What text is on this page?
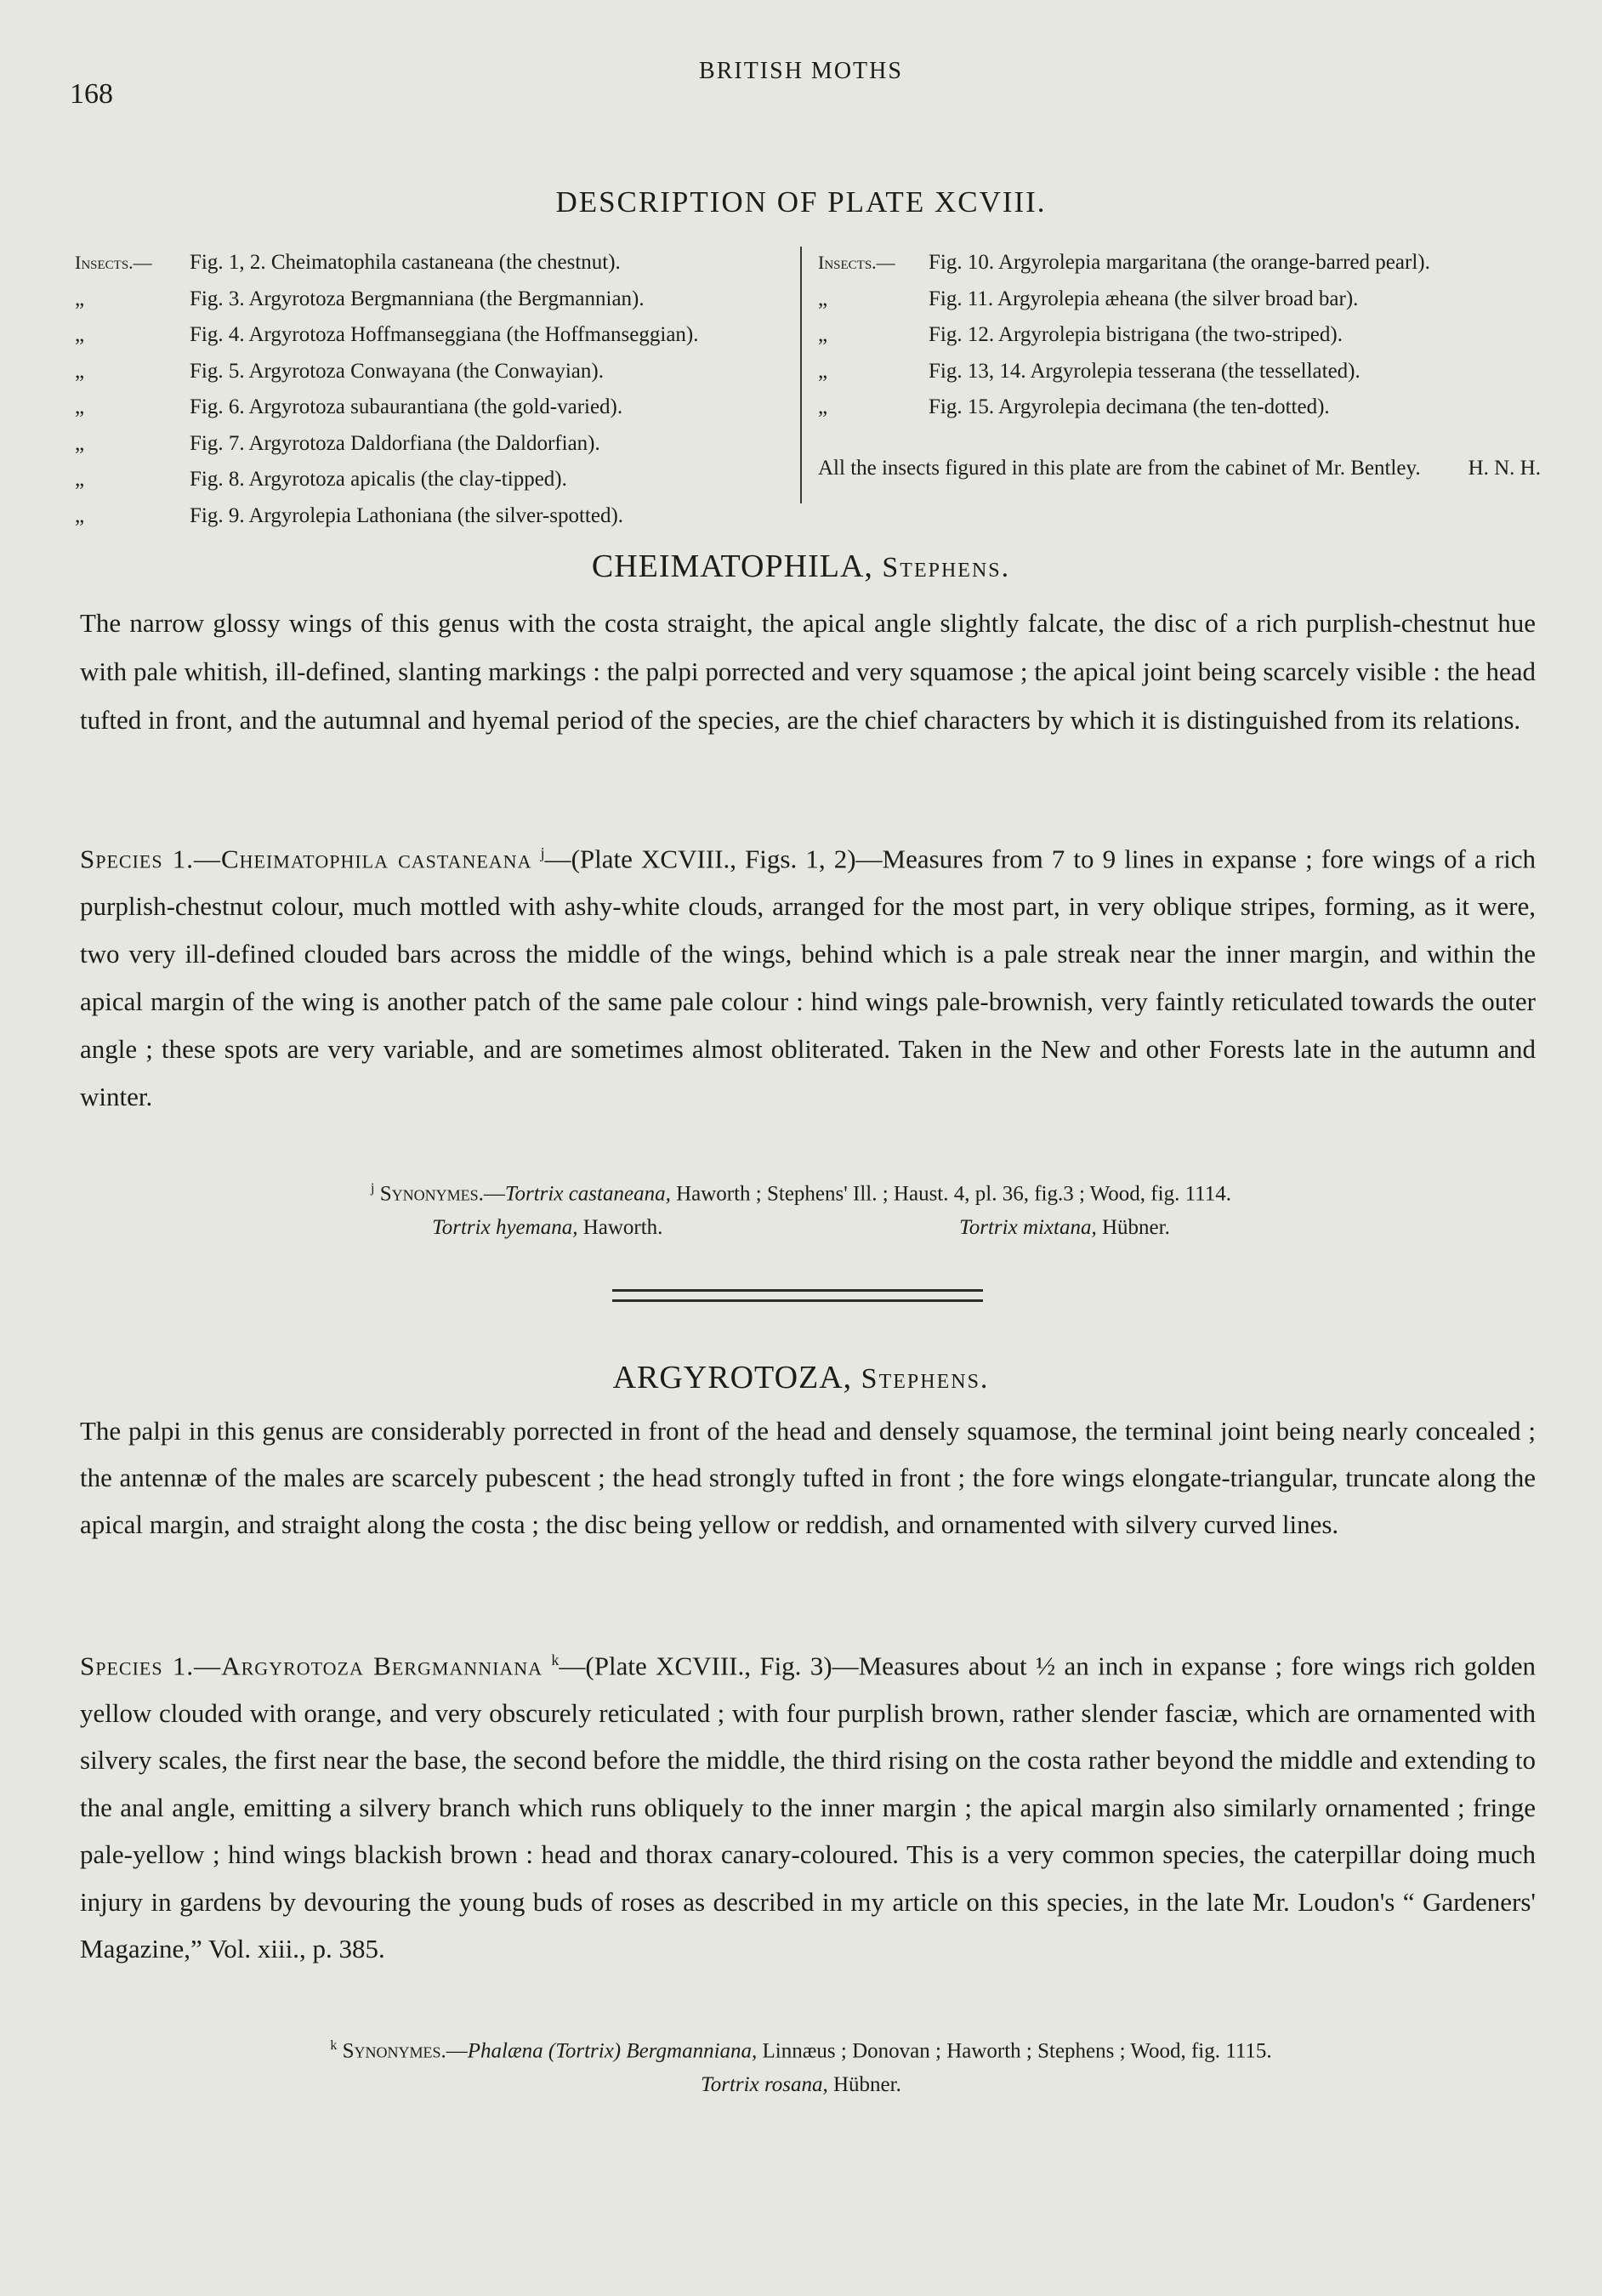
168
BRITISH MOTHS
DESCRIPTION OF PLATE XCVIII.
Insects.— Fig. 1, 2. Cheimatophila castaneana (the chestnut).
„	Fig. 3. Argyrotoza Bergmanniana (the Bergmannian).
„	Fig. 4. Argyrotoza Hoffmanseggiana (the Hoffmanseggian).
„	Fig. 5. Argyrotoza Conwayana (the Conwayian).
„	Fig. 6. Argyrotoza subaurantiana (the gold-varied).
„	Fig. 7. Argyrotoza Daldorfiana (the Daldorfian).
„	Fig. 8. Argyrotoza apicalis (the clay-tipped).
„	Fig. 9. Argyrolepia Lathoniana (the silver-spotted).
Insects.— Fig. 10. Argyrolepia margaritana (the orange-barred pearl).
„	Fig. 11. Argyrolepia æheana (the silver broad bar).
„	Fig. 12. Argyrolepia bistrigana (the two-striped).
„	Fig. 13, 14. Argyrolepia tesserana (the tessellated).
„	Fig. 15. Argyrolepia decimana (the ten-dotted).
All the insects figured in this plate are from the cabinet of Mr. Bentley. H. N. H.
CHEIMATOPHILA, Stephens.
The narrow glossy wings of this genus with the costa straight, the apical angle slightly falcate, the disc of a rich purplish-chestnut hue with pale whitish, ill-defined, slanting markings : the palpi porrected and very squamose ; the apical joint being scarcely visible : the head tufted in front, and the autumnal and hyemal period of the species, are the chief characters by which it is distinguished from its relations.
Species 1.—Cheimatophila castaneana $^j$—(Plate XCVIII., Figs. 1, 2)—Measures from 7 to 9 lines in expanse ; fore wings of a rich purplish-chestnut colour, much mottled with ashy-white clouds, arranged for the most part, in very oblique stripes, forming, as it were, two very ill-defined clouded bars across the middle of the wings, behind which is a pale streak near the inner margin, and within the apical margin of the wing is another patch of the same pale colour : hind wings pale-brownish, very faintly reticulated towards the outer angle ; these spots are very variable, and are sometimes almost obliterated. Taken in the New and other Forests late in the autumn and winter.
$^j$ Synonymes.—Tortrix castaneana, Haworth ; Stephens' Ill. ; Haust. 4, pl. 36, fig.3 ; Wood, fig. 1114.
Tortrix hyemana, Haworth.	Tortrix mixtana, Hübner.
ARGYROTOZA, Stephens.
The palpi in this genus are considerably porrected in front of the head and densely squamose, the terminal joint being nearly concealed ; the antennæ of the males are scarcely pubescent ; the head strongly tufted in front ; the fore wings elongate-triangular, truncate along the apical margin, and straight along the costa ; the disc being yellow or reddish, and ornamented with silvery curved lines.
Species 1.—Argyrotoza Bergmanniana $^k$—(Plate XCVIII., Fig. 3)—Measures about ½ an inch in expanse ; fore wings rich golden yellow clouded with orange, and very obscurely reticulated ; with four purplish brown, rather slender fasciæ, which are ornamented with silvery scales, the first near the base, the second before the middle, the third rising on the costa rather beyond the middle and extending to the anal angle, emitting a silvery branch which runs obliquely to the inner margin ; the apical margin also similarly ornamented ; fringe pale-yellow ; hind wings blackish brown : head and thorax canary-coloured. This is a very common species, the caterpillar doing much injury in gardens by devouring the young buds of roses as described in my article on this species, in the late Mr. Loudon's “ Gardeners' Magazine,” Vol. xiii., p. 385.
$^k$ Synonymes.—Phalæna (Tortrix) Bergmanniana, Linnæus ; Donovan ; Haworth ; Stephens ; Wood, fig. 1115.
Tortrix rosana, Hübner.
